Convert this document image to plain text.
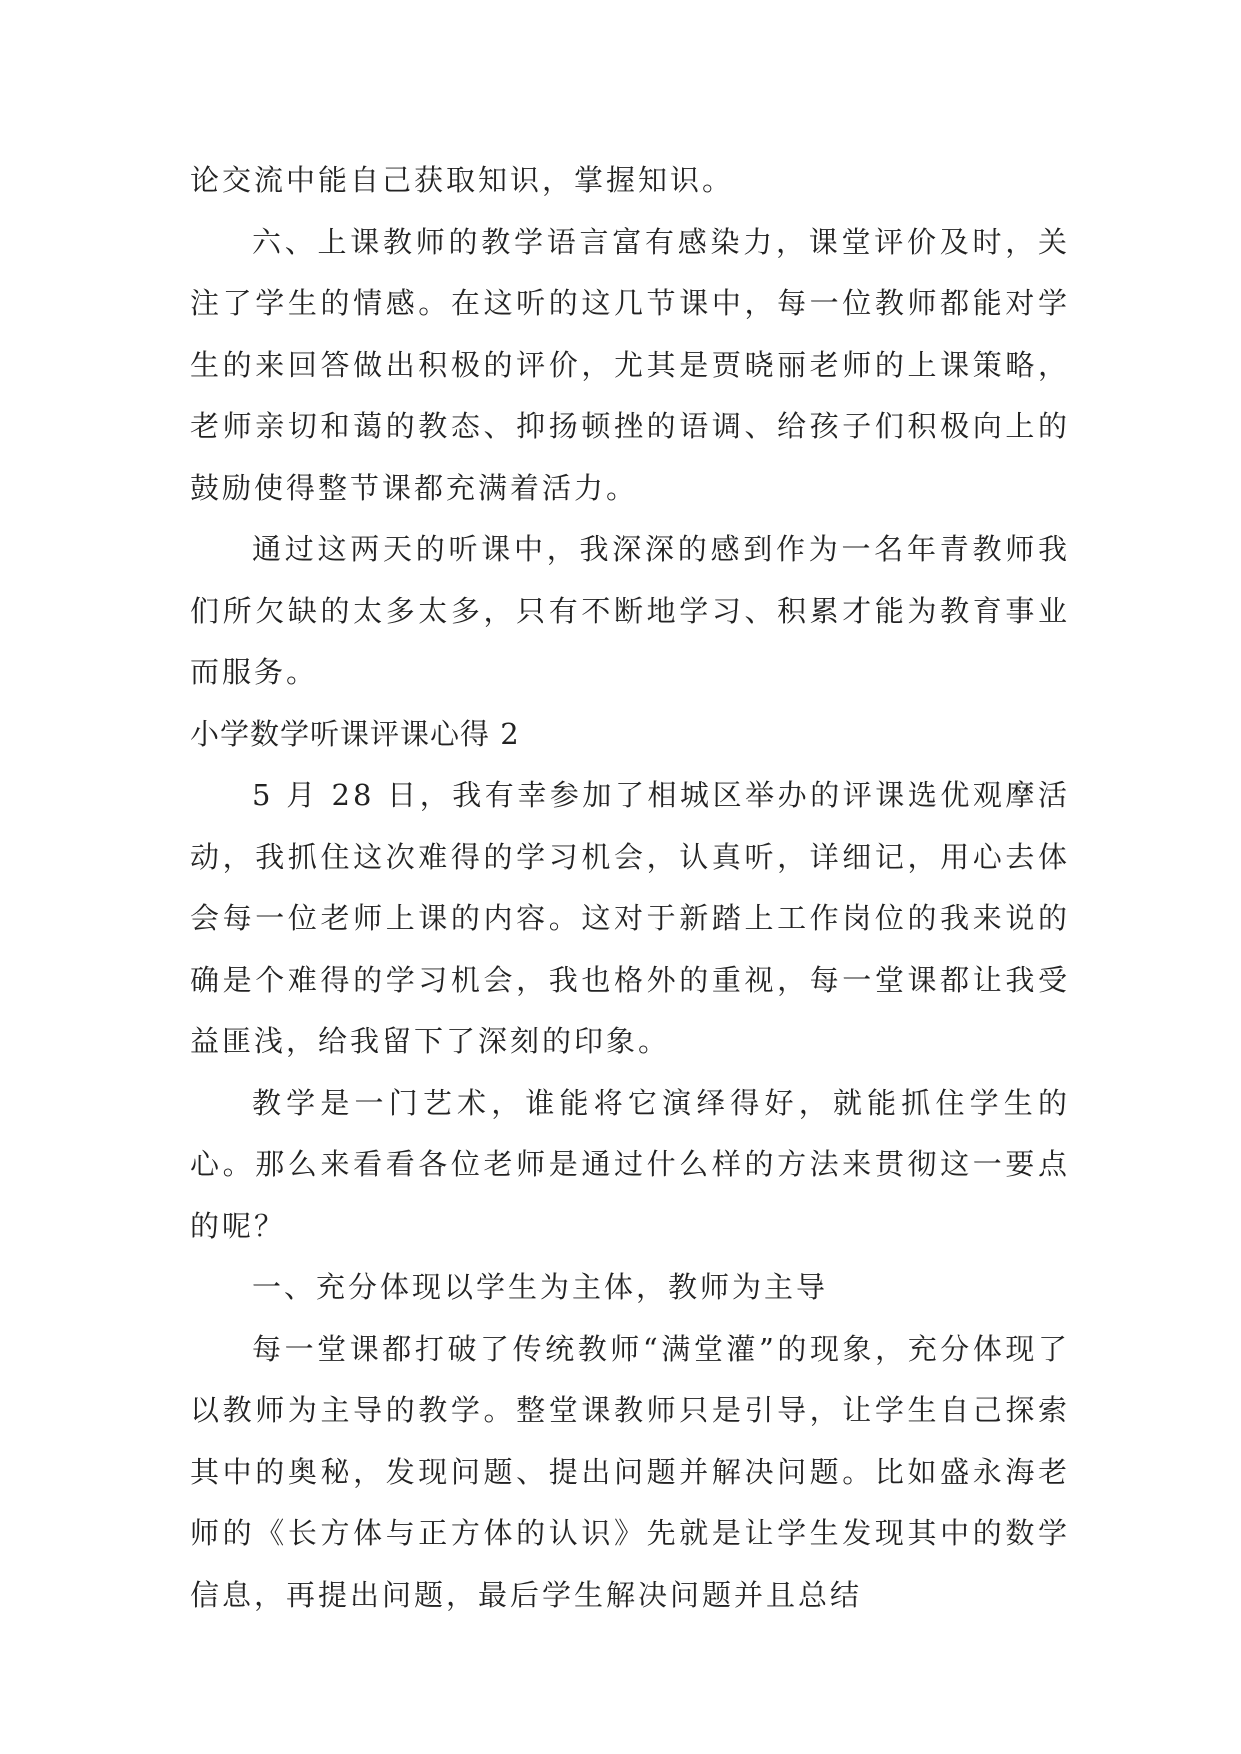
论交流中能自己获取知识，掌握知识。

六、上课教师的教学语言富有感染力，课堂评价及时，关注了学生的情感。在这听的这几节课中，每一位教师都能对学生的来回答做出积极的评价，尤其是贾晓丽老师的上课策略，老师亲切和蔼的教态、抑扬顿挫的语调、给孩子们积极向上的鼓励使得整节课都充满着活力。

通过这两天的听课中，我深深的感到作为一名年青教师我们所欠缺的太多太多，只有不断地学习、积累才能为教育事业而服务。

小学数学听课评课心得 2

5 月 28 日，我有幸参加了相城区举办的评课选优观摩活动，我抓住这次难得的学习机会，认真听，详细记，用心去体会每一位老师上课的内容。这对于新踏上工作岗位的我来说的确是个难得的学习机会，我也格外的重视，每一堂课都让我受益匪浅，给我留下了深刻的印象。

教学是一门艺术，谁能将它演绎得好，就能抓住学生的心。那么来看看各位老师是通过什么样的方法来贯彻这一要点的呢？

一、充分体现以学生为主体，教师为主导

每一堂课都打破了传统教师“满堂灌”的现象，充分体现了以教师为主导的教学。整堂课教师只是引导，让学生自己探索其中的奥秘，发现问题、提出问题并解决问题。比如盛永海老师的《长方体与正方体的认识》先就是让学生发现其中的数学信息，再提出问题，最后学生解决问题并且总结
